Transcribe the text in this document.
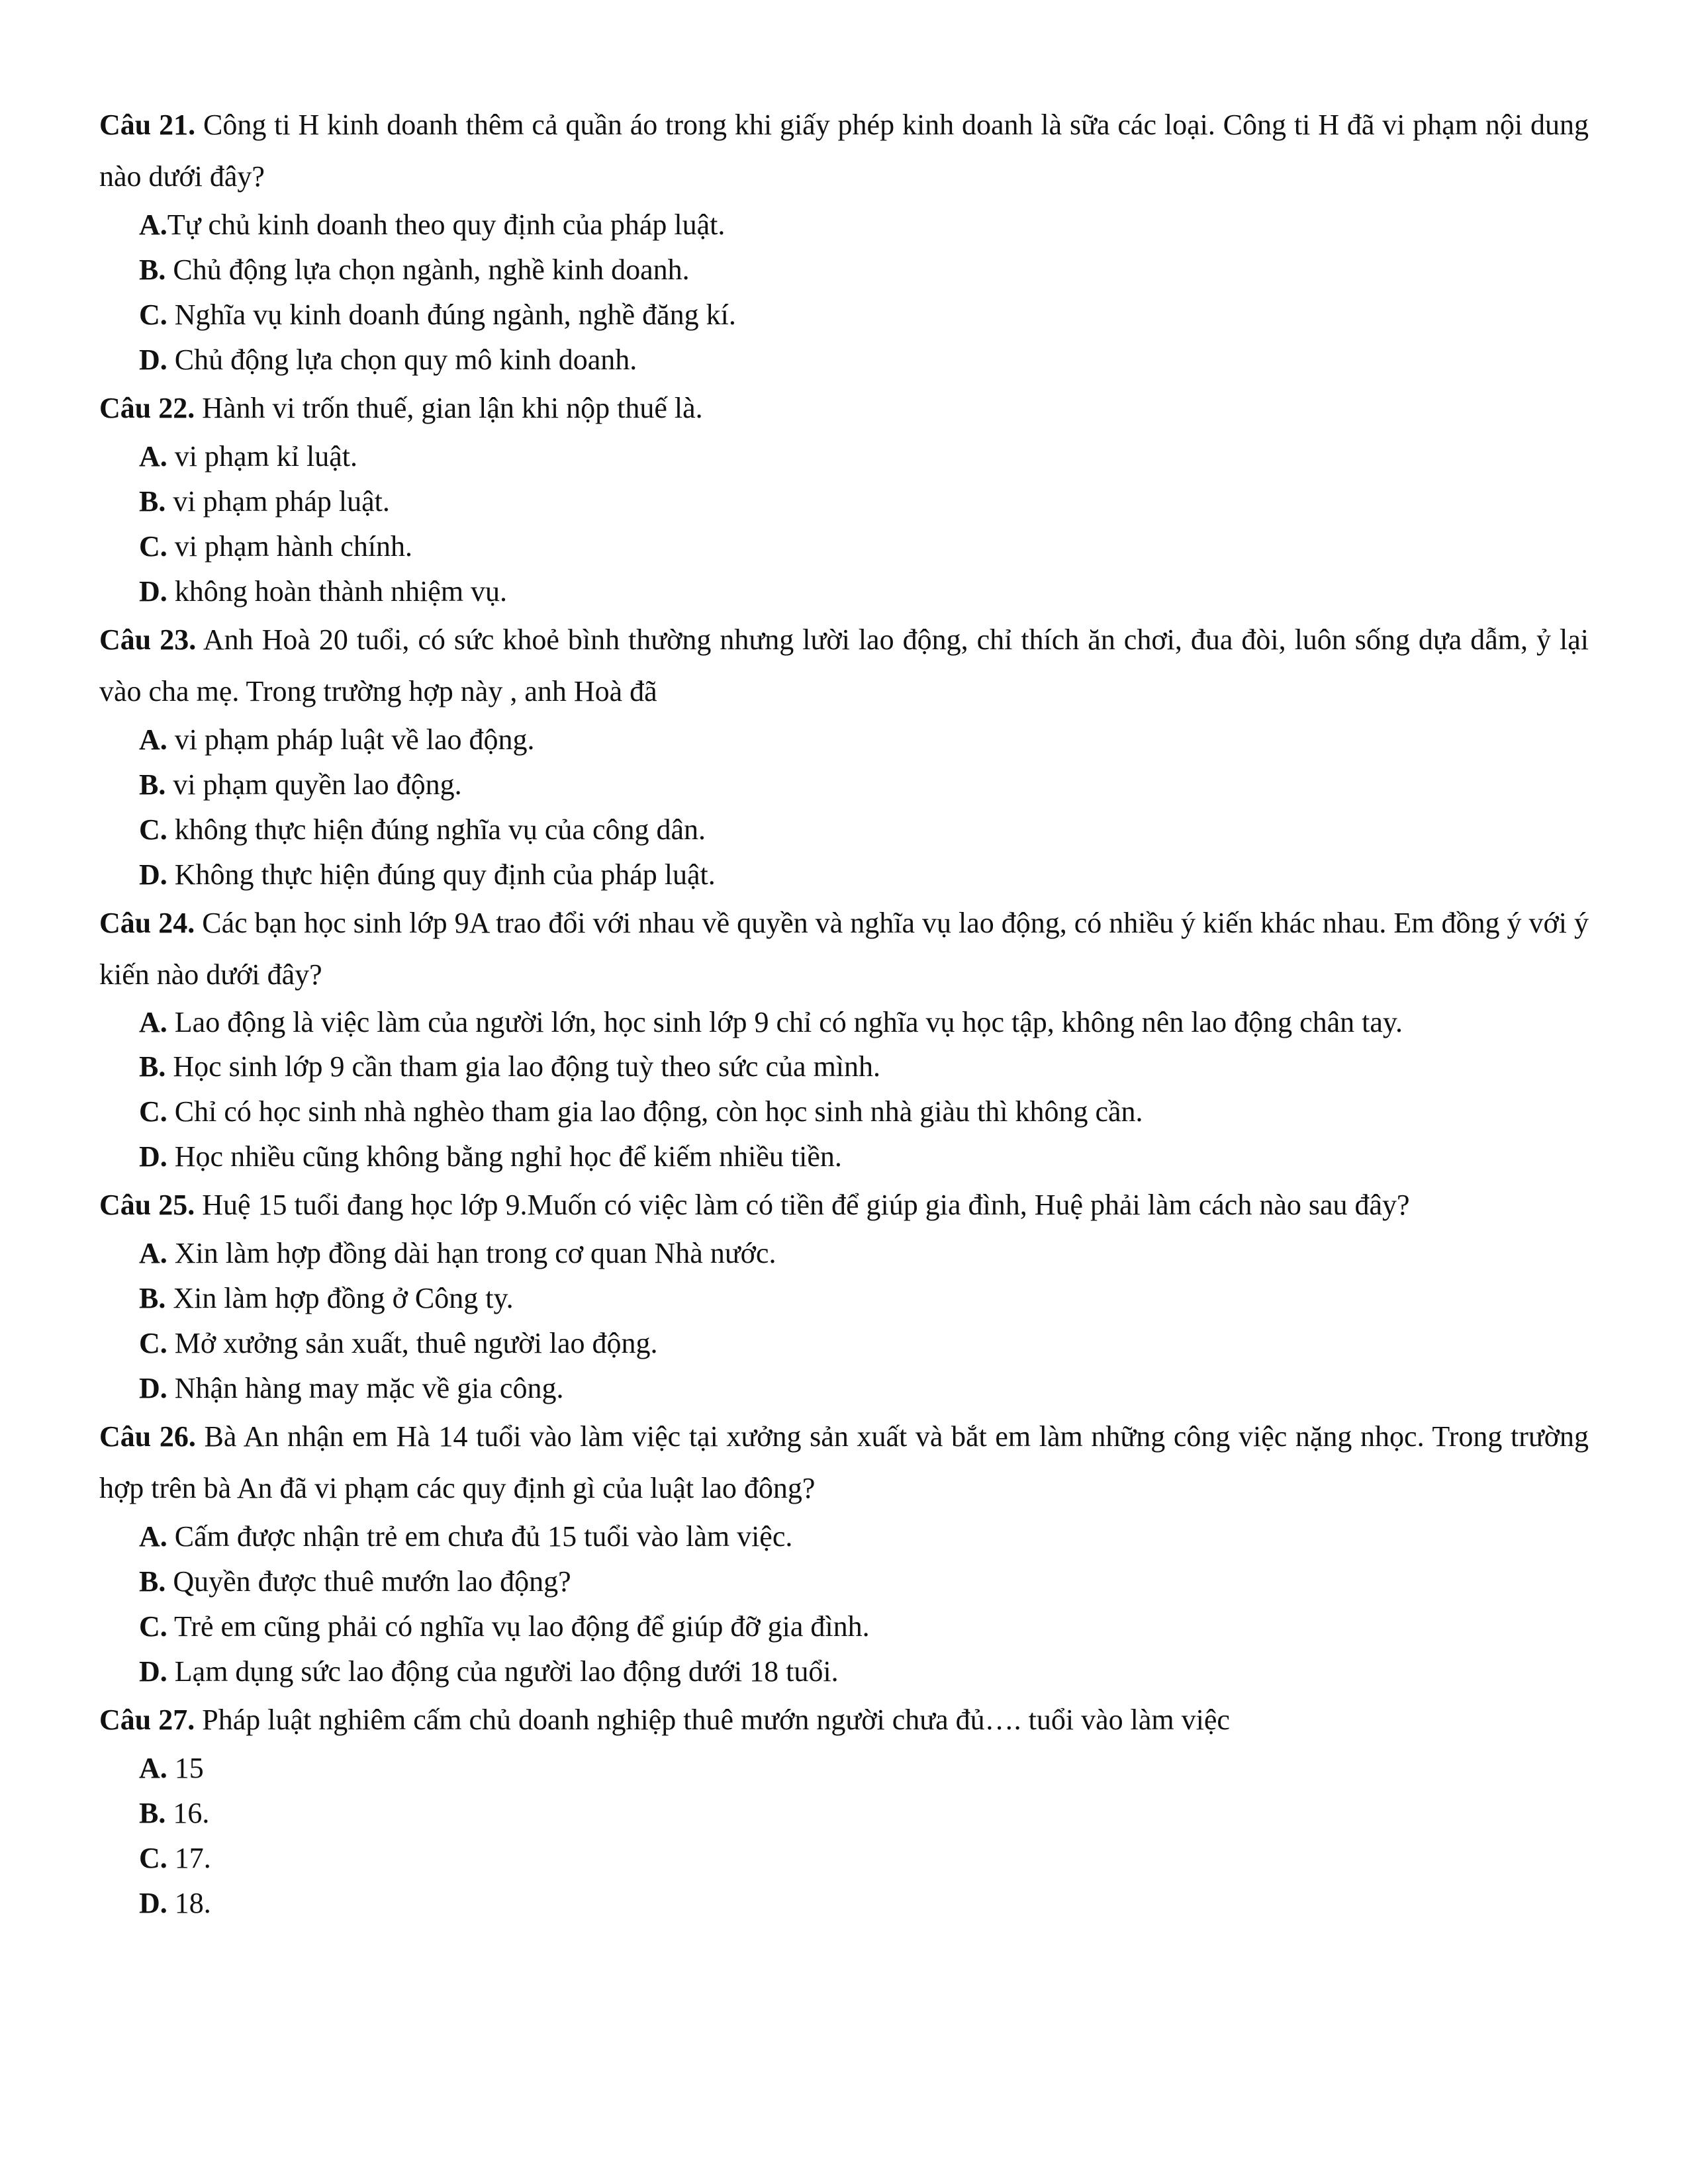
Câu 21. Công ti H kinh doanh thêm cả quần áo trong khi giấy phép kinh doanh là sữa các loại. Công ti H đã vi phạm nội dung nào dưới đây?

A.Tự chủ kinh doanh theo quy định của pháp luật.

B. Chủ động lựa chọn ngành, nghề kinh doanh.

C. Nghĩa vụ kinh doanh đúng ngành, nghề đăng kí.

D. Chủ động lựa chọn quy mô kinh doanh.

Câu 22. Hành vi trốn thuế, gian lận khi nộp thuế là.

A. vi phạm kỉ luật.

B. vi phạm pháp luật.

C. vi phạm hành chính.

D. không hoàn thành nhiệm vụ.

Câu 23. Anh Hoà 20 tuổi, có sức khoẻ bình thường nhưng lười lao động, chỉ thích ăn chơi, đua đòi, luôn sống dựa dẫm, ỷ lại vào cha mẹ. Trong trường hợp này , anh Hoà đã

A. vi phạm pháp luật về lao động.

B. vi phạm quyền lao động.

C. không thực hiện đúng nghĩa vụ của công dân.

D. Không thực hiện đúng quy định của pháp luật.

Câu 24. Các bạn học sinh lớp 9A trao đổi với nhau về quyền và nghĩa vụ lao động, có nhiều ý kiến khác nhau. Em đồng ý với ý kiến nào dưới đây?

A. Lao động là việc làm của người lớn, học sinh lớp 9 chỉ có nghĩa vụ học tập, không nên lao động chân tay.

B. Học sinh lớp 9 cần tham gia lao động tuỳ theo sức của mình.

C. Chỉ có học sinh nhà nghèo tham gia lao động, còn học sinh nhà giàu thì không cần.

D. Học nhiều cũng không bằng nghỉ học để kiếm nhiều tiền.

Câu 25. Huệ 15 tuổi đang học lớp 9.Muốn có việc làm có tiền để giúp gia đình, Huệ phải làm cách nào sau đây?

A. Xin làm hợp đồng dài hạn trong cơ quan Nhà nước.

B. Xin làm hợp đồng ở Công ty.

C. Mở xưởng sản xuất, thuê người lao động.

D. Nhận hàng may mặc về gia công.

Câu 26. Bà An nhận em Hà 14 tuổi vào làm việc tại xưởng sản xuất và bắt em làm những công việc nặng nhọc. Trong trường hợp trên bà An đã vi phạm các quy định gì của luật lao đông?

A. Cấm được nhận trẻ em chưa đủ 15 tuổi vào làm việc.

B. Quyền được thuê mướn lao động?

C. Trẻ em cũng phải có nghĩa vụ lao động để giúp đỡ gia đình.

D. Lạm dụng sức lao động của người lao động dưới 18 tuổi.

Câu 27. Pháp luật nghiêm cấm chủ doanh nghiệp thuê mướn người chưa đủ…. tuổi vào làm việc

A. 15

B. 16.

C. 17.

D. 18.
